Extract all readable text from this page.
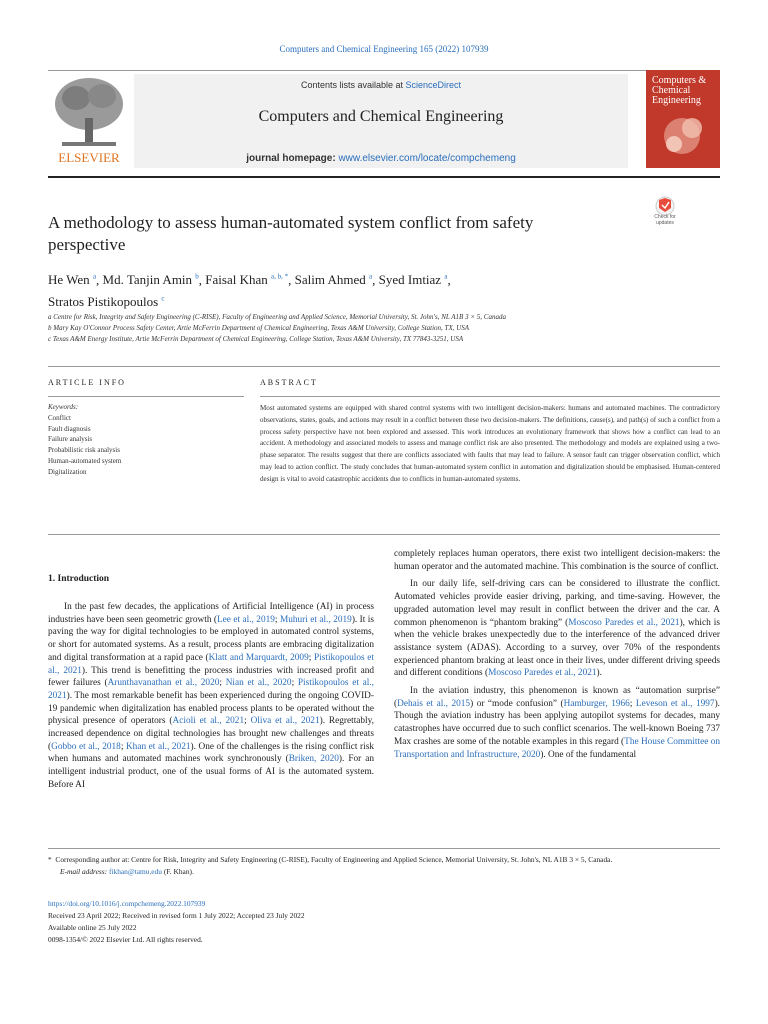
Computers and Chemical Engineering 165 (2022) 107939
ELSEVIER
Contents lists available at ScienceDirect
Computers and Chemical Engineering
journal homepage: www.elsevier.com/locate/compchemeng
Computers & Chemical Engineering
A methodology to assess human-automated system conflict from safety perspective
Check for updates
He Wen $^a$, Md. Tanjin Amin $^b$, Faisal Khan $^{a, b, *}$, Salim Ahmed $^a$, Syed Imtiaz $^a$,
Stratos Pistikopoulos $^c$
a Centre for Risk, Integrity and Safety Engineering (C-RISE), Faculty of Engineering and Applied Science, Memorial University, St. John's, NL A1B 3 × 5, Canada
b Mary Kay O'Connor Process Safety Center, Artie McFerrin Department of Chemical Engineering, Texas A&M University, College Station, TX, USA
c Texas A&M Energy Institute, Artie McFerrin Department of Chemical Engineering, College Station, Texas A&M University, TX 77843-3251, USA
ARTICLE INFO	ABSTRACT
Keywords:
Conflict
Fault diagnosis
Failure analysis
Probabilistic risk analysis
Human-automated system
Digitalization
Most automated systems are equipped with shared control systems with two intelligent decision-makers: humans and automated machines. The contradictory observations, states, goals, and actions may result in a conflict between these two decision-makers. The definitions, cause(s), and path(s) of such a conflict from a process safety perspective have not been explored and assessed. This work introduces an evolutionary framework that shows how a conflict can lead to an accident. A methodology and associated models to assess and manage conflict risk are also presented. The methodology and models are explained using a two-phase separator. The results suggest that there are conflicts associated with faults that may lead to failure. A sensor fault can trigger observation conflict, which may lead to action conflict. The study concludes that human-automated system conflict in automation and digitalization should be emphasised. Human-centered design is vital to avoid catastrophic accidents due to conflicts in human-automated systems.
1. Introduction

In the past few decades, the applications of Artificial Intelligence (AI) in process industries have been seen geometric growth (Lee et al., 2019; Muhuri et al., 2019). It is paving the way for digital technologies to be employed in automated control systems, or short for automated systems. As a result, process plants are embracing digitalization and digital transformation at a rapid pace (Klatt and Marquardt, 2009; Pistikopoulos et al., 2021). This trend is benefitting the process industries with increased profit and fewer failures (Arunthavanathan et al., 2020; Nian et al., 2020; Pistikopoulos et al., 2021). The most remarkable benefit has been experienced during the ongoing COVID-19 pandemic when digitalization has enabled process plants to be operated without the physical presence of operators (Acioli et al., 2021; Oliva et al., 2021). Regrettably, increased dependence on digital technologies has brought new challenges and threats (Gobbo et al., 2018; Khan et al., 2021). One of the challenges is the rising conflict risk when humans and automated machines work synchronously (Briken, 2020). For an intelligent industrial product, one of the usual forms of AI is the automated system. Before AI

completely replaces human operators, there exist two intelligent decision-makers: the human operator and the automated machine. This combination is the source of conflict.

In our daily life, self-driving cars can be considered to illustrate the conflict. Automated vehicles provide easier driving, parking, and time-saving. However, the upgraded automation level may result in conflict between the driver and the car. A common phenomenon is “phantom braking” (Moscoso Paredes et al., 2021), which is when the vehicle brakes unexpectedly due to the interference of the advanced driver assistance system (ADAS). According to a survey, over 70% of the respondents experienced phantom braking at least once in their lives, under different driving speeds and different conditions (Moscoso Paredes et al., 2021).

In the aviation industry, this phenomenon is known as “automation surprise” (Dehais et al., 2015) or “mode confusion” (Hamburger, 1966; Leveson et al., 1997). Though the aviation industry has been applying autopilot systems for decades, many catastrophes have occurred due to such conflict scenarios. The well-known Boeing 737 Max crashes are some of the notable examples in this regard (The House Committee on Transportation and Infrastructure, 2020). One of the fundamental

* Corresponding author at: Centre for Risk, Integrity and Safety Engineering (C-RISE), Faculty of Engineering and Applied Science, Memorial University, St. John's, NL A1B 3 × 5, Canada.
E-mail address: fikhan@tamu.edu (F. Khan).
https://doi.org/10.1016/j.compchemeng.2022.107939
Received 23 April 2022; Received in revised form 1 July 2022; Accepted 23 July 2022
Available online 25 July 2022
0098-1354/© 2022 Elsevier Ltd. All rights reserved.
